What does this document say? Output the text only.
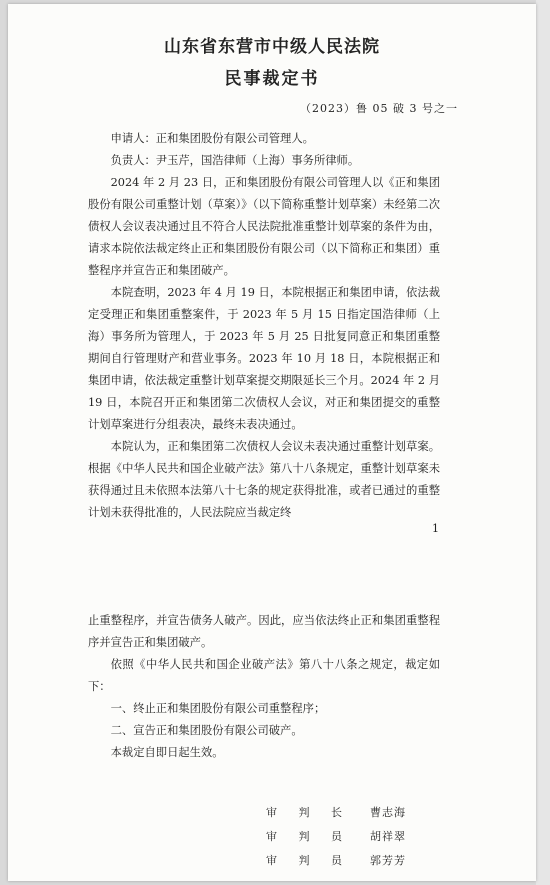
山东省东营市中级人民法院
民事裁定书
（2023）鲁 05 破 3 号之一

申请人：正和集团股份有限公司管理人。

负责人：尹玉芹，国浩律师（上海）事务所律师。

2024 年 2 月 23 日，正和集团股份有限公司管理人以《正和集团股份有限公司重整计划（草案）》（以下简称重整计划草案）未经第二次债权人会议表决通过且不符合人民法院批准重整计划草案的条件为由，请求本院依法裁定终止正和集团股份有限公司（以下简称正和集团）重整程序并宣告正和集团破产。

本院查明，2023 年 4 月 19 日，本院根据正和集团申请，依法裁定受理正和集团重整案件，于 2023 年 5 月 15 日指定国浩律师（上海）事务所为管理人，于 2023 年 5 月 25 日批复同意正和集团重整期间自行管理财产和营业事务。2023 年 10 月 18 日，本院根据正和集团申请，依法裁定重整计划草案提交期限延长三个月。2024 年 2 月 19 日，本院召开正和集团第二次债权人会议，对正和集团提交的重整计划草案进行分组表决，最终未表决通过。

本院认为，正和集团第二次债权人会议未表决通过重整计划草案。根据《中华人民共和国企业破产法》第八十八条规定，重整计划草案未获得通过且未依照本法第八十七条的规定获得批准，或者已通过的重整计划未获得批准的，人民法院应当裁定终

1

止重整程序，并宣告债务人破产。因此，应当依法终止正和集团重整程序并宣告正和集团破产。

依照《中华人民共和国企业破产法》第八十八条之规定，裁定如下：

一、终止正和集团股份有限公司重整程序；

二、宣告正和集团股份有限公司破产。

本裁定自即日起生效。

审 判 长	曹志海
审 判 员	胡祥翠
审 判 员	郭芳芳
